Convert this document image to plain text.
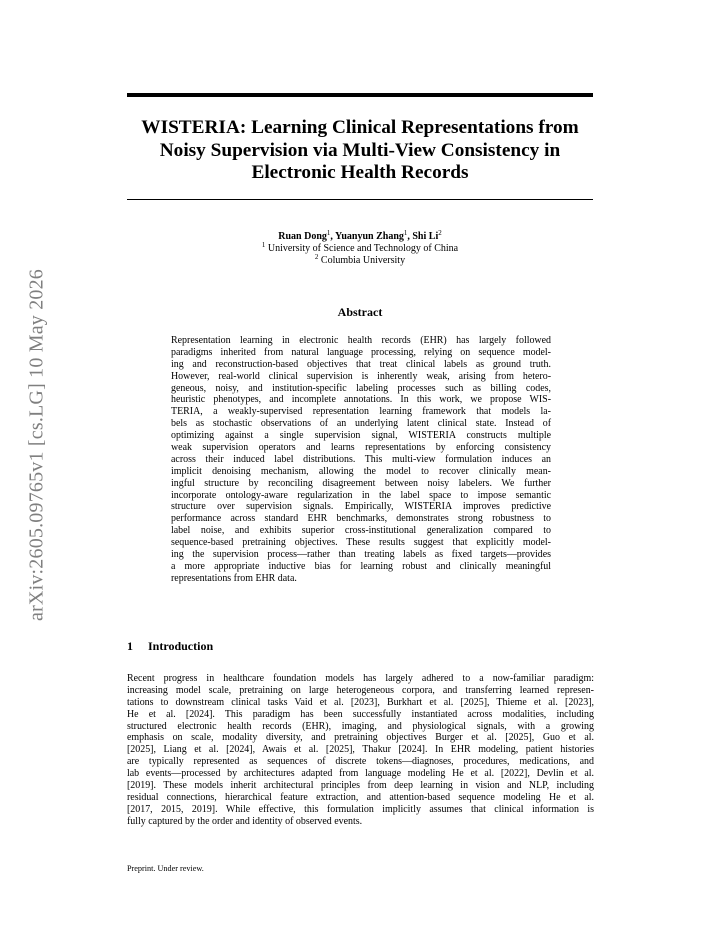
arXiv:2605.09765v1 [cs.LG] 10 May 2026
WISTERIA: Learning Clinical Representations from
Noisy Supervision via Multi-View Consistency in
Electronic Health Records
Ruan Dong$^1$, Yuanyun Zhang$^1$, Shi Li$^2$
$^1$ University of Science and Technology of China
$^2$ Columbia University
Abstract
Representation learning in electronic health records (EHR) has largely followed
paradigms inherited from natural language processing, relying on sequence model-
ing and reconstruction-based objectives that treat clinical labels as ground truth.
However, real-world clinical supervision is inherently weak, arising from hetero-
geneous, noisy, and institution-specific labeling processes such as billing codes,
heuristic phenotypes, and incomplete annotations. In this work, we propose WIS-
TERIA, a weakly-supervised representation learning framework that models la-
bels as stochastic observations of an underlying latent clinical state. Instead of
optimizing against a single supervision signal, WISTERIA constructs multiple
weak supervision operators and learns representations by enforcing consistency
across their induced label distributions. This multi-view formulation induces an
implicit denoising mechanism, allowing the model to recover clinically mean-
ingful structure by reconciling disagreement between noisy labelers. We further
incorporate ontology-aware regularization in the label space to impose semantic
structure over supervision signals. Empirically, WISTERIA improves predictive
performance across standard EHR benchmarks, demonstrates strong robustness to
label noise, and exhibits superior cross-institutional generalization compared to
sequence-based pretraining objectives. These results suggest that explicitly model-
ing the supervision process—rather than treating labels as fixed targets—provides
a more appropriate inductive bias for learning robust and clinically meaningful
representations from EHR data.
1 Introduction
Recent progress in healthcare foundation models has largely adhered to a now-familiar paradigm:
increasing model scale, pretraining on large heterogeneous corpora, and transferring learned represen-
tations to downstream clinical tasks Vaid et al. [2023], Burkhart et al. [2025], Thieme et al. [2023],
He et al. [2024]. This paradigm has been successfully instantiated across modalities, including
structured electronic health records (EHR), imaging, and physiological signals, with a growing
emphasis on scale, modality diversity, and pretraining objectives Burger et al. [2025], Guo et al.
[2025], Liang et al. [2024], Awais et al. [2025], Thakur [2024]. In EHR modeling, patient histories
are typically represented as sequences of discrete tokens—diagnoses, procedures, medications, and
lab events—processed by architectures adapted from language modeling He et al. [2022], Devlin et al.
[2019]. These models inherit architectural principles from deep learning in vision and NLP, including
residual connections, hierarchical feature extraction, and attention-based sequence modeling He et al.
[2017, 2015, 2019]. While effective, this formulation implicitly assumes that clinical information is
fully captured by the order and identity of observed events.
Preprint. Under review.
